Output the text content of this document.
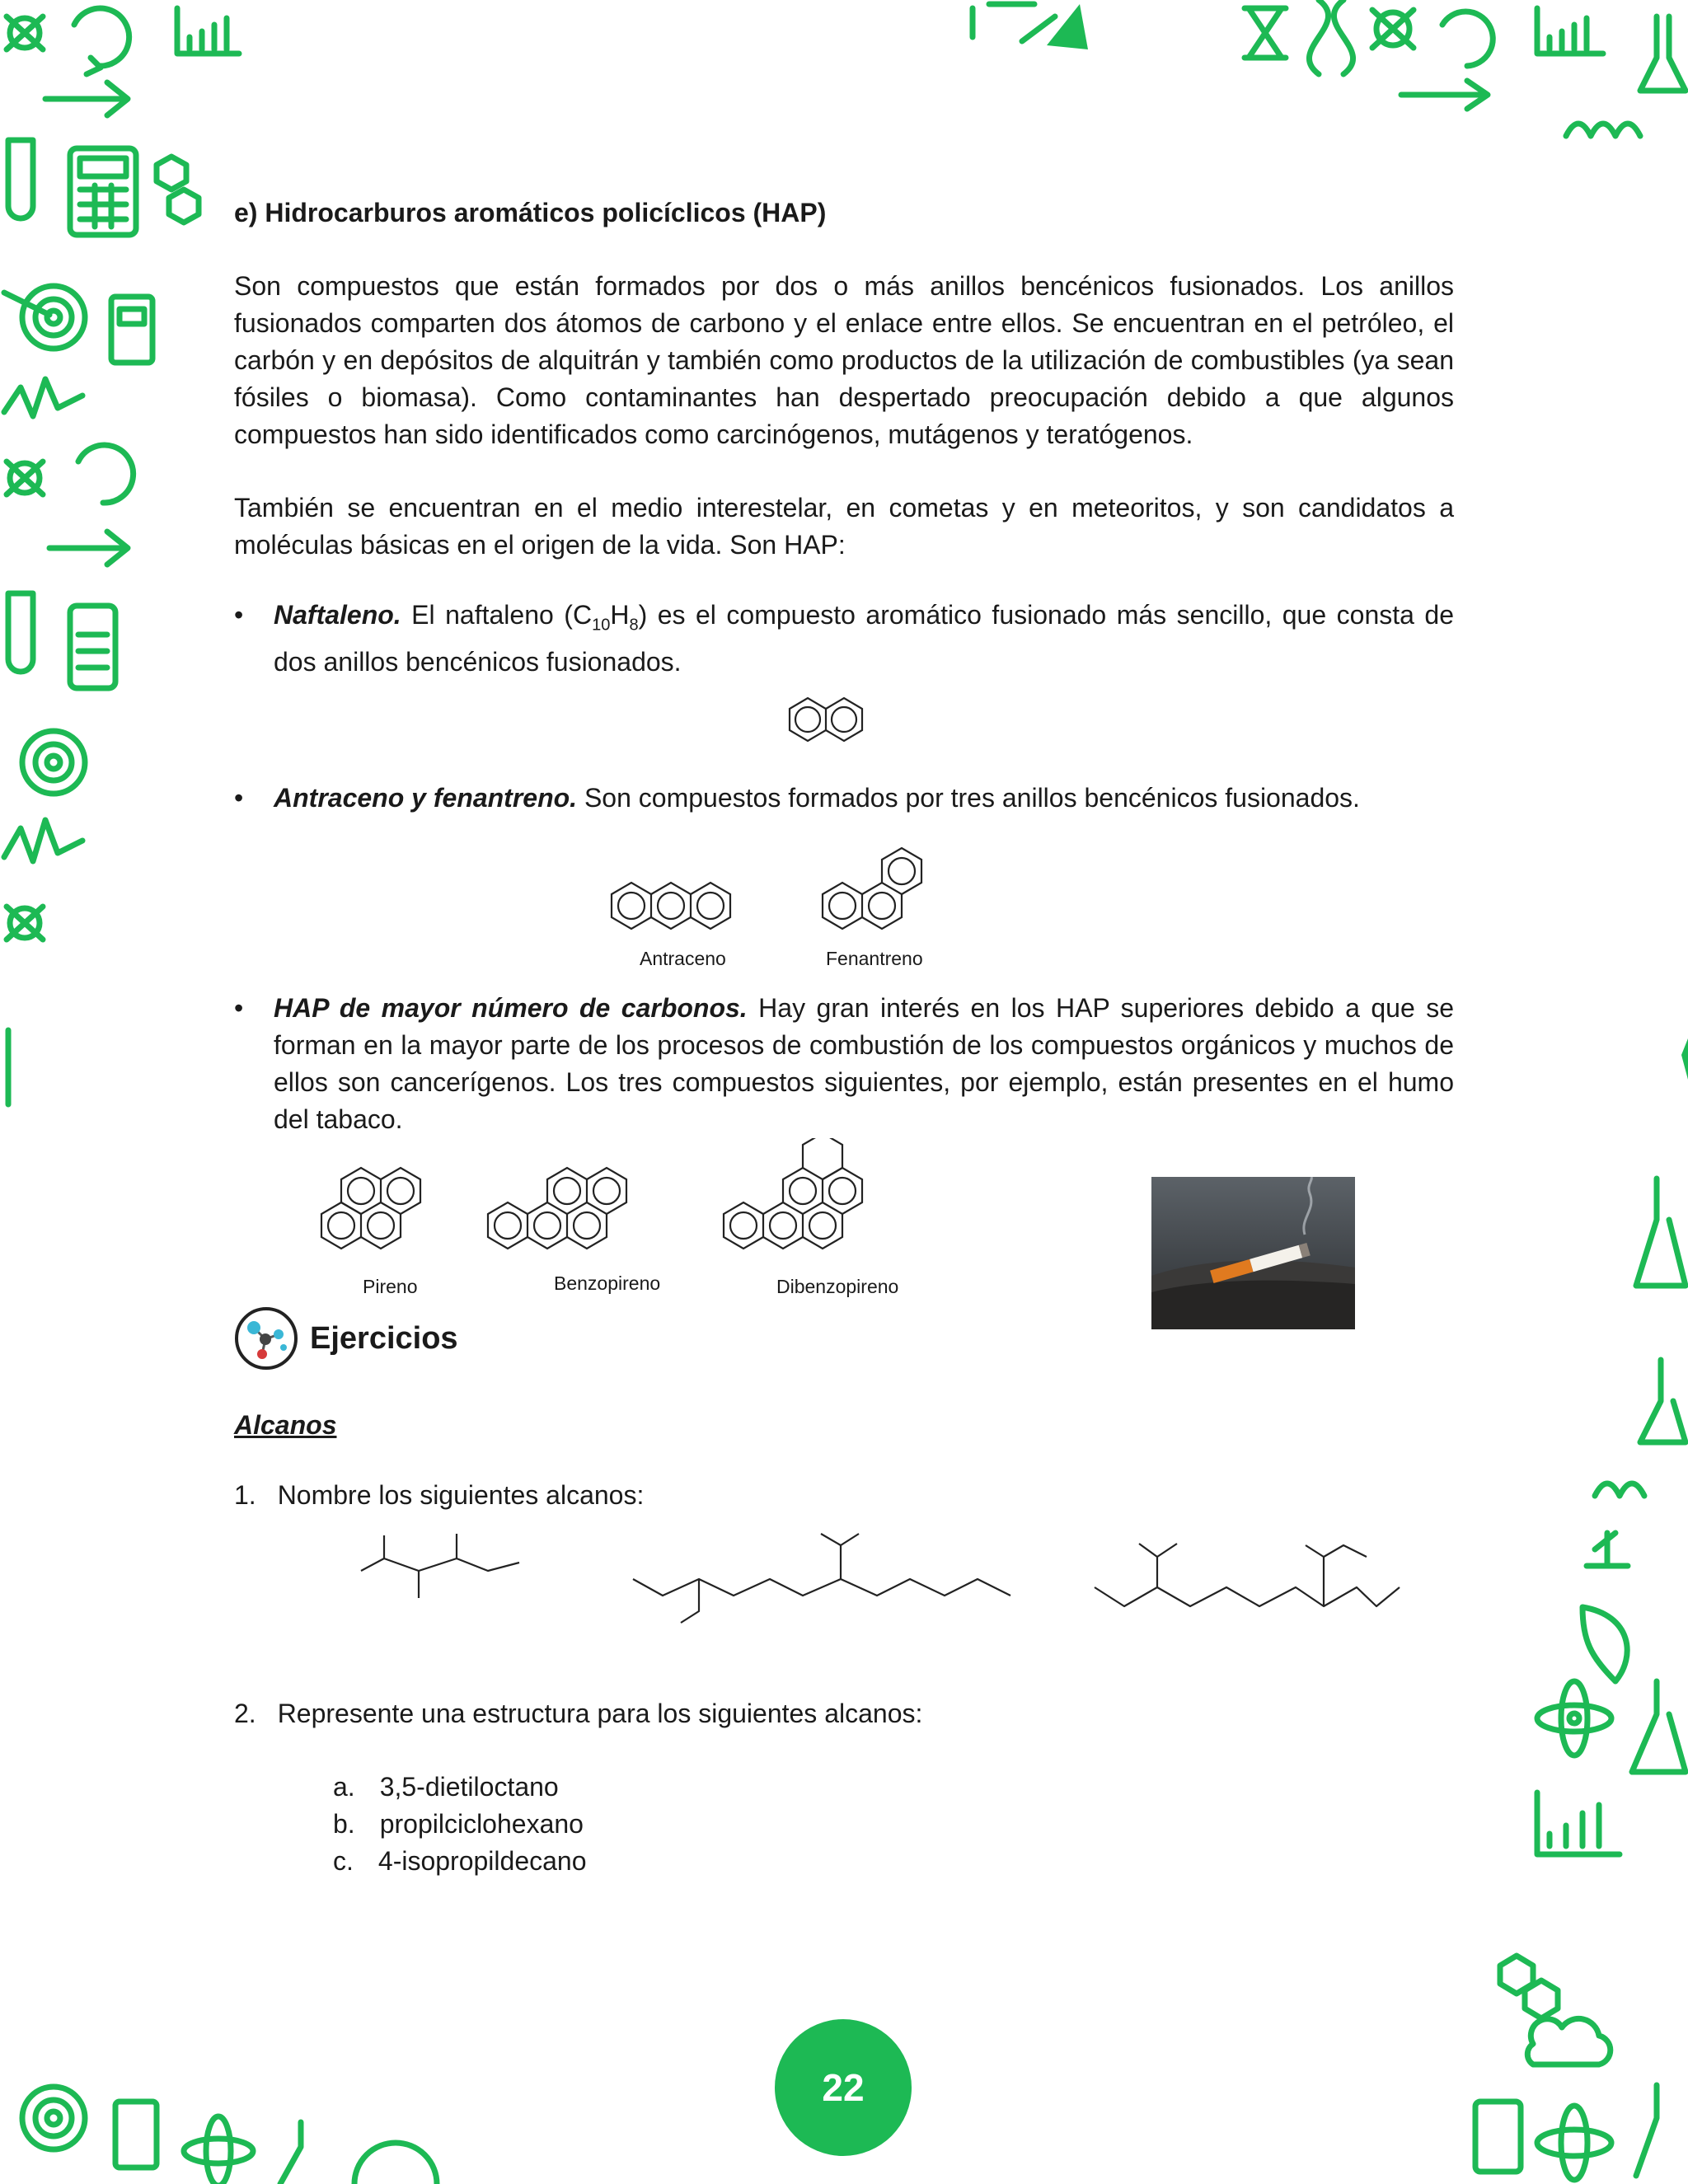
e) Hidrocarburos aromáticos policíclicos (HAP)
Son compuestos que están formados por dos o más anillos bencénicos fusionados. Los anillos fusionados comparten dos átomos de carbono y el enlace entre ellos. Se encuentran en el petróleo, el carbón y en depósitos de alquitrán y también como productos de la utilización de combustibles (ya sean fósiles o biomasa). Como contaminantes han despertado preocupación debido a que algunos compuestos han sido identificados como carcinógenos, mutágenos y teratógenos.
También se encuentran en el medio interestelar, en cometas y en meteoritos, y son candidatos a moléculas básicas en el origen de la vida. Son HAP:
• Naftaleno. El naftaleno $(C_{10}H_8)$ es el compuesto aromático fusionado más sencillo, que consta de dos anillos bencénicos fusionados.
• Antraceno y fenantreno. Son compuestos formados por tres anillos bencénicos fusionados.
Antraceno	Fenantreno
• HAP de mayor número de carbonos. Hay gran interés en los HAP superiores debido a que se forman en la mayor parte de los procesos de combustión de los compuestos orgánicos y muchos de ellos son cancerígenos. Los tres compuestos siguientes, por ejemplo, están presentes en el humo del tabaco.
Pireno	Benzopireno	Dibenzopireno
Ejercicios
Alcanos
1. Nombre los siguientes alcanos:
2. Represente una estructura para los siguientes alcanos:
a. 3,5-dietiloctano
b. propilciclohexano
c. 4-isopropildecano
22
